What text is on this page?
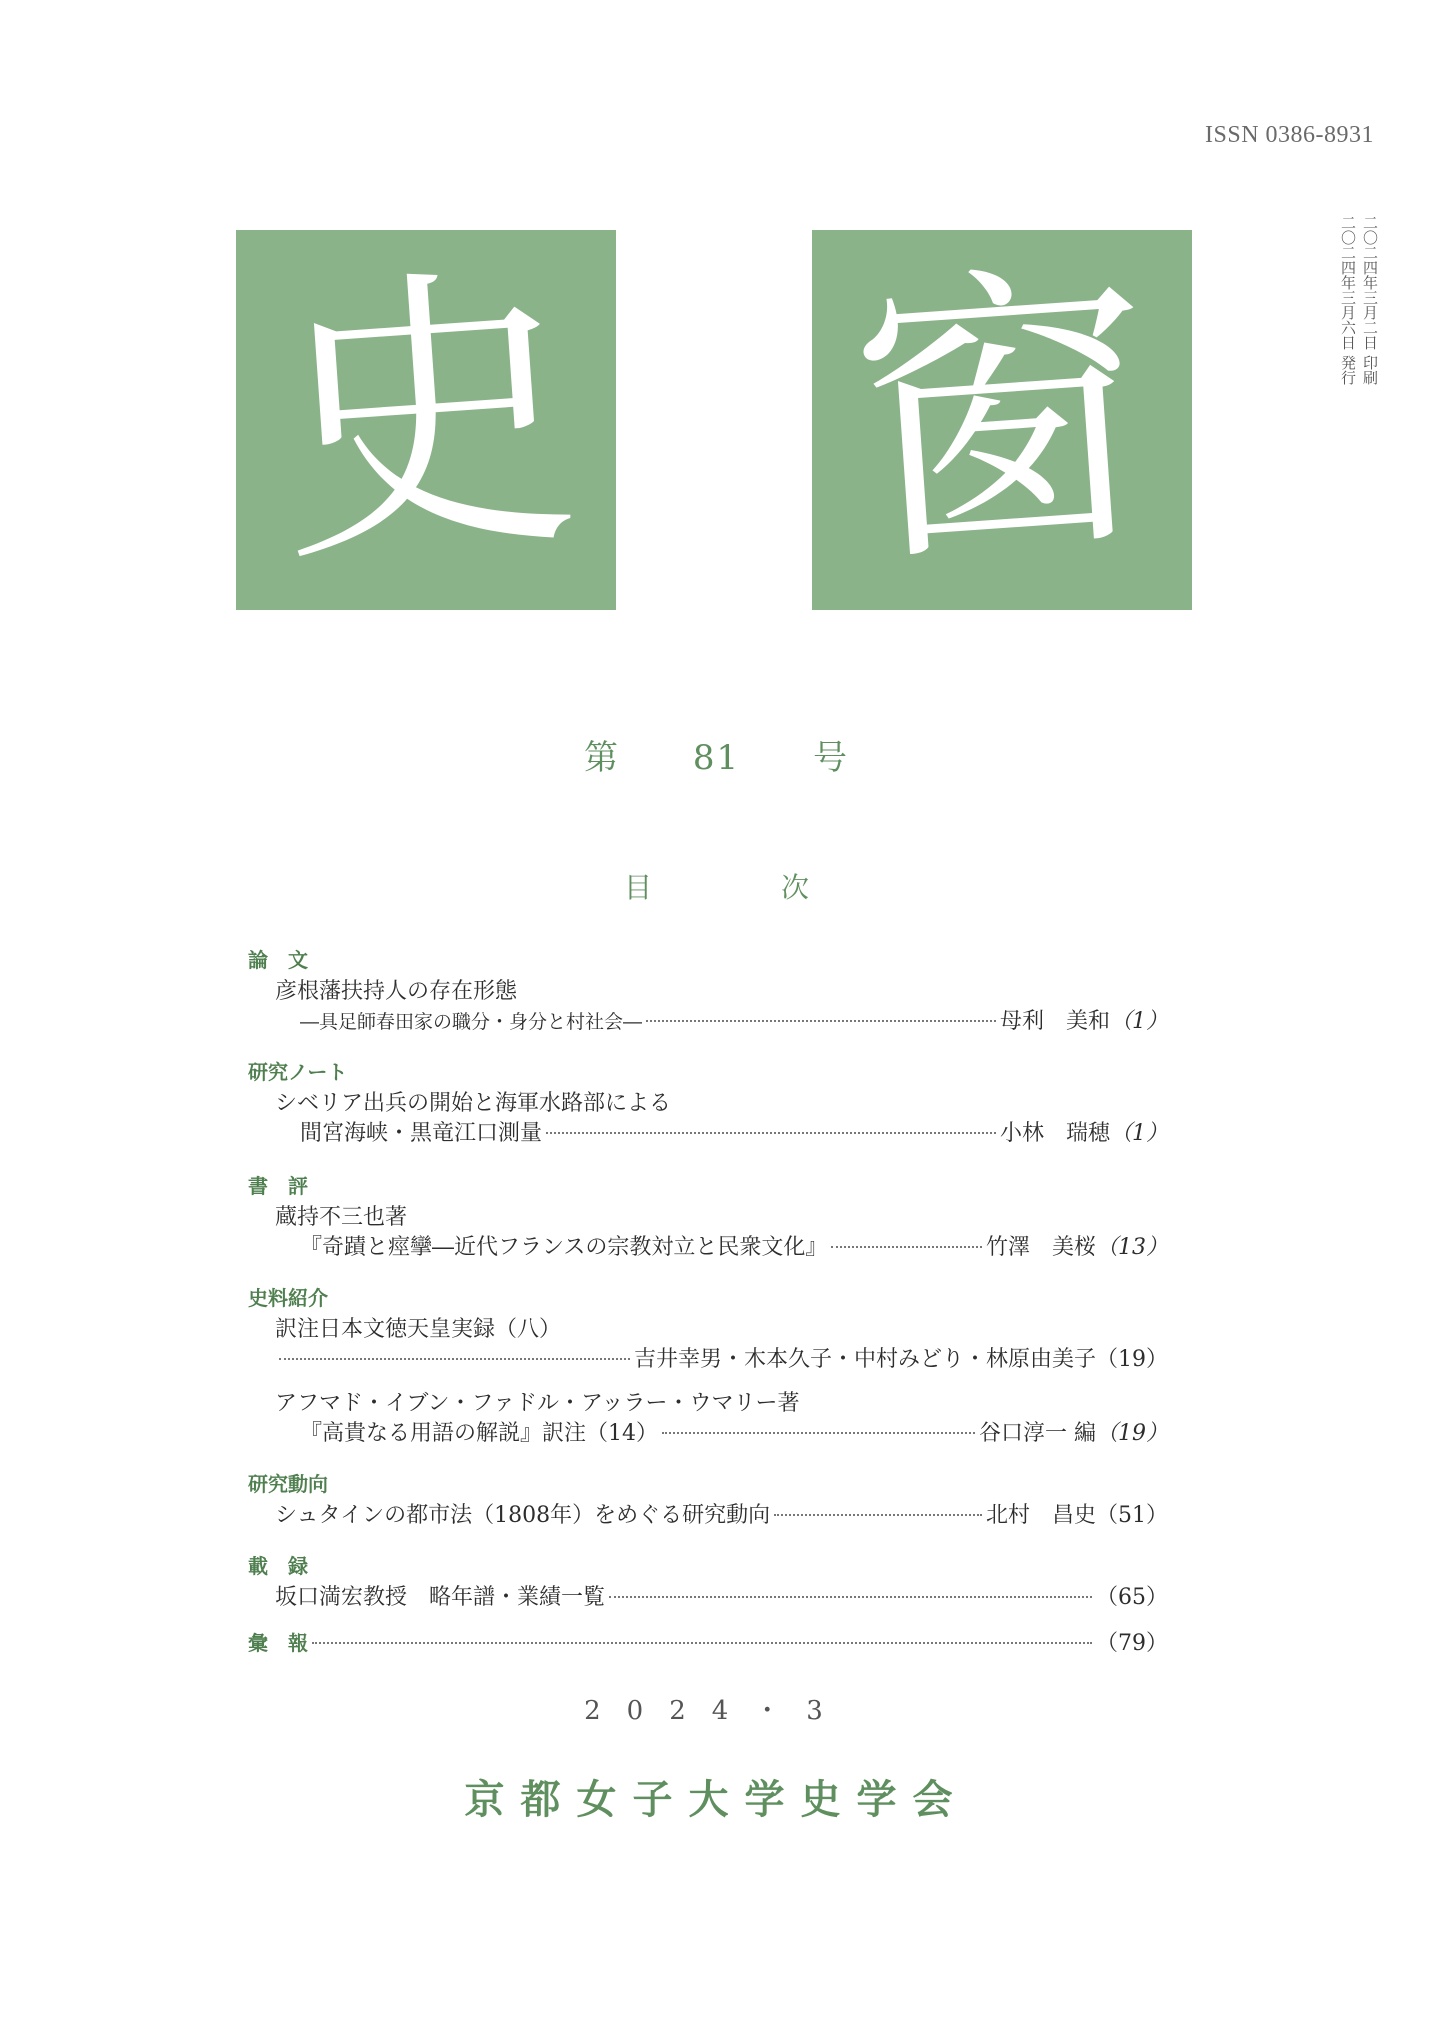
ISSN 0386-8931
二〇二四年三月二日 印刷
二〇二四年三月六日 発行
史 窗
第 81 号
目	次
論　文
彦根藩扶持人の存在形態
―具足師春田家の職分・身分と村社会―	母利　美和 （1）
研究ノート
シベリア出兵の開始と海軍水路部による
間宮海峡・黒竜江口測量	小林　瑞穂 （1）
書　評
蔵持不三也著
『奇蹟と痙攣―近代フランスの宗教対立と民衆文化』	竹澤　美桜 （13）
史料紹介
訳注日本文徳天皇実録（八）
吉井幸男・木本久子・中村みどり・林原由美子 （19）
アフマド・イブン・ファドル・アッラー・ウマリー著
『高貴なる用語の解説』訳注（14）	谷口淳一 編 （19）
研究動向
シュタインの都市法（1808年）をめぐる研究動向	北村　昌史 （51）
載　録
坂口満宏教授　略年譜・業績一覧	（65）
彙　報	（79）
2024・3
京都女子大学史学会
